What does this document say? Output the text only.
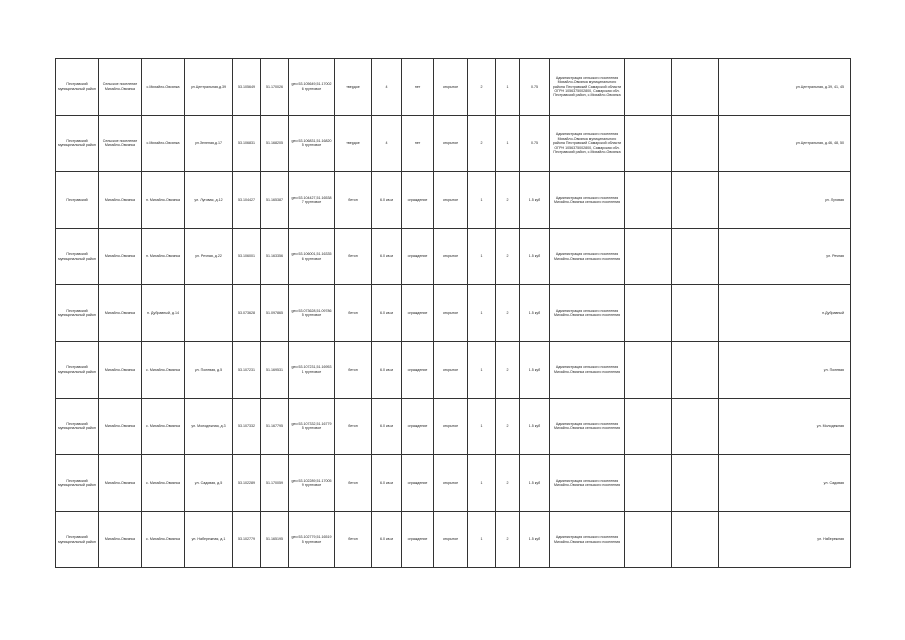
Пестравский муниципальный район	Сельское поселение Михайло-Овсянка	с.Михайло-Овсянка	ул.Центральная,д.39	53.105649	51.170026	geo:53.105649,51.170026 грунтовое	твердое	4	нет	открытое	2	1	0.75	Администрация сельского поселения Михайло-Овсянка муниципального района Пестравский Самарской области ОГРН 1056375002800, Самарская обл. Пестравский район, с.Михайло-Овсянка			ул.Центральная, д.39, 41, 45
Пестравский муниципальный район	Сельское поселение Михайло-Овсянка	с.Михайло-Овсянка	ул.Зеленая,д.17	53.106831	51.168205	geo:53.106831,51.168205 грунтовое	твердое	4	нет	открытое	2	1	0.75	Администрация сельского поселения Михайло-Овсянка муниципального района Пестравский Самарской области ОГРН 1056375002800, Самарская обл. Пестравский район, с.Михайло-Овсянка			ул.Центральная, д.46, 48, 50
Пестравский	Михайло-Овсянка	п. Михайло-Овсянка	ул. Луговая, д.12	53.104427	51.165387	geo:53.104427,51.165387 грунтовое	бетон	6.0 кв.м	ограждение	открытое	1	2	1.5 куб	Администрация сельского поселения Михайло-Овсянка сельского поселения			ул. Луговая
Пестравский муниципальный район	Михайло-Овсянка	п. Михайло-Овсянка	ул. Речная, д.22	53.106001	51.163356	geo:53.106001,51.163356 грунтовое	бетон	6.0 кв.м	ограждение	открытое	1	2	1.5 куб	Администрация сельского поселения Михайло-Овсянка сельского поселения			ул. Речная
Пестравский муниципальный район	Михайло-Овсянка	п. Дубравный, д.14		53.073628	51.097865	geo:53.073628,51.097865 грунтовое	бетон	6.0 кв.м	ограждение	открытое	1	2	1.5 куб	Администрация сельского поселения Михайло-Овсянка сельского поселения			п.Дубравный
Пестравский муниципальный район	Михайло-Овсянка	с. Михайло-Овсянка	ул. Полевая, д.5	53.107231	51.169531	geo:53.107231,51.169531 грунтовое	бетон	6.0 кв.м	ограждение	открытое	1	2	1.5 куб	Администрация сельского поселения Михайло-Овсянка сельского поселения			ул. Полевая
Пестравский муниципальный район	Михайло-Овсянка	с. Михайло-Овсянка	ул. Молодежная, д.3	53.107332	51.167795	geo:53.107332,51.167795 грунтовое	бетон	6.0 кв.м	ограждение	открытое	1	2	1.5 куб	Администрация сельского поселения Михайло-Овсянка сельского поселения			ул. Молодежная
Пестравский муниципальный район	Михайло-Овсянка	с. Михайло-Овсянка	ул. Садовая, д.5	53.102289	51.170059	geo:53.102289,51.170059 грунтовое	бетон	6.0 кв.м	ограждение	открытое	1	2	1.5 куб	Администрация сельского поселения Михайло-Овсянка сельского поселения			ул. Садовая
Пестравский муниципальный район	Михайло-Овсянка	с. Михайло-Овсянка	ул. Набережная, д.1	53.102779	51.165195	geo:53.102779,51.165195 грунтовое	бетон	6.0 кв.м	ограждение	открытое	1	2	1.5 куб	Администрация сельского поселения Михайло-Овсянка сельского поселения			ул. Набережная
